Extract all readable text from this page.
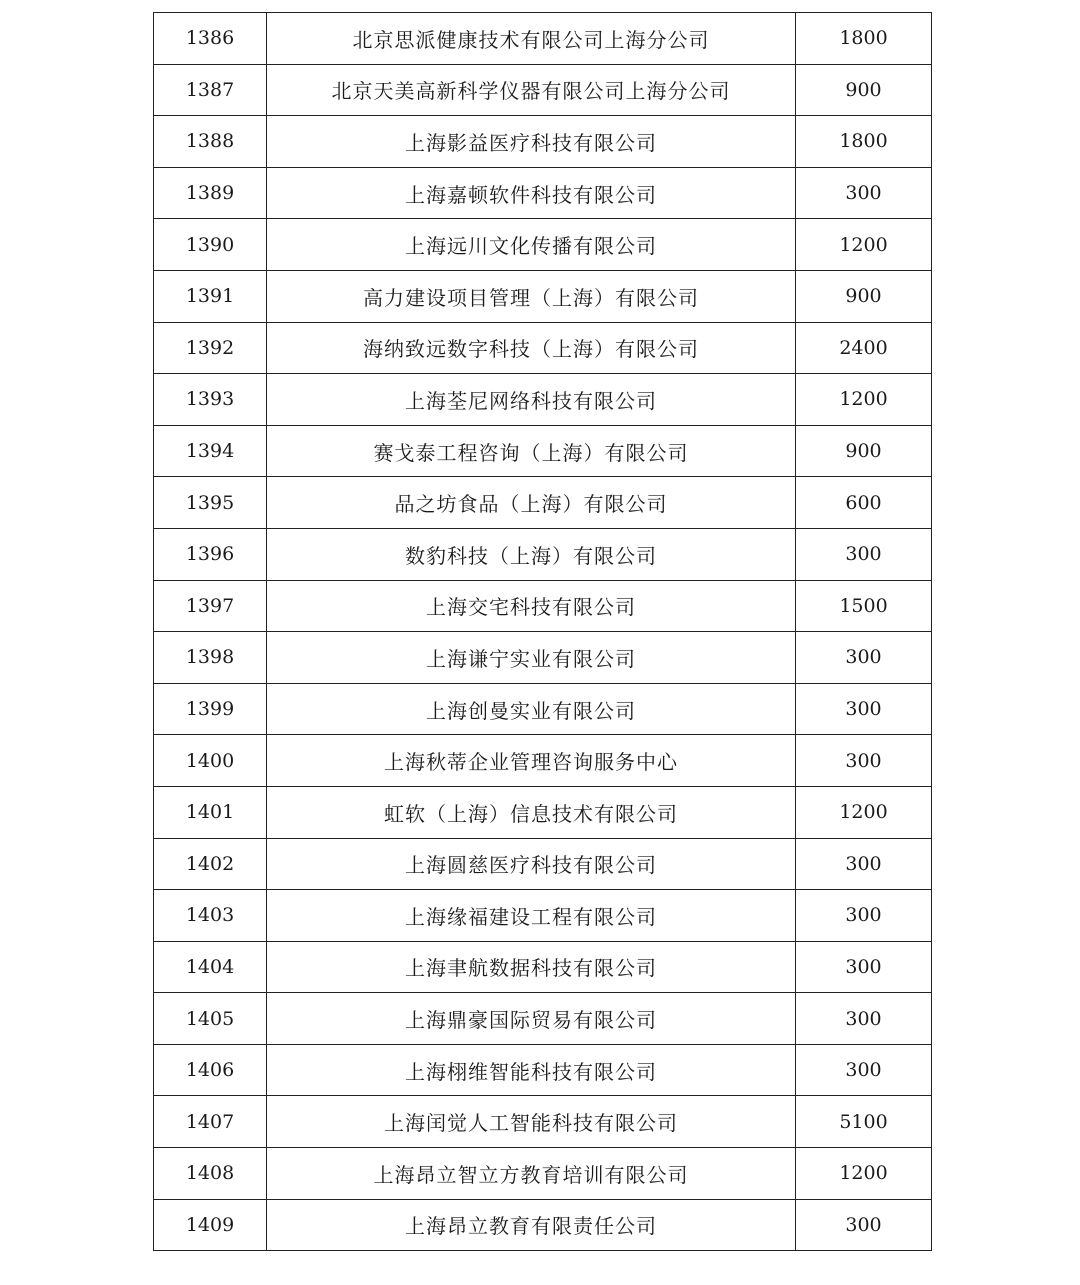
1386	北京思派健康技术有限公司上海分公司	1800
1387	北京天美高新科学仪器有限公司上海分公司	900
1388	上海影益医疗科技有限公司	1800
1389	上海嘉顿软件科技有限公司	300
1390	上海远川文化传播有限公司	1200
1391	高力建设项目管理（上海）有限公司	900
1392	海纳致远数字科技（上海）有限公司	2400
1393	上海荃尼网络科技有限公司	1200
1394	赛戈泰工程咨询（上海）有限公司	900
1395	品之坊食品（上海）有限公司	600
1396	数豹科技（上海）有限公司	300
1397	上海交宅科技有限公司	1500
1398	上海谦宁实业有限公司	300
1399	上海创曼实业有限公司	300
1400	上海秋蒂企业管理咨询服务中心	300
1401	虹软（上海）信息技术有限公司	1200
1402	上海圆慈医疗科技有限公司	300
1403	上海缘福建设工程有限公司	300
1404	上海聿航数据科技有限公司	300
1405	上海鼎豪国际贸易有限公司	300
1406	上海栩维智能科技有限公司	300
1407	上海闰觉人工智能科技有限公司	5100
1408	上海昂立智立方教育培训有限公司	1200
1409	上海昂立教育有限责任公司	300
